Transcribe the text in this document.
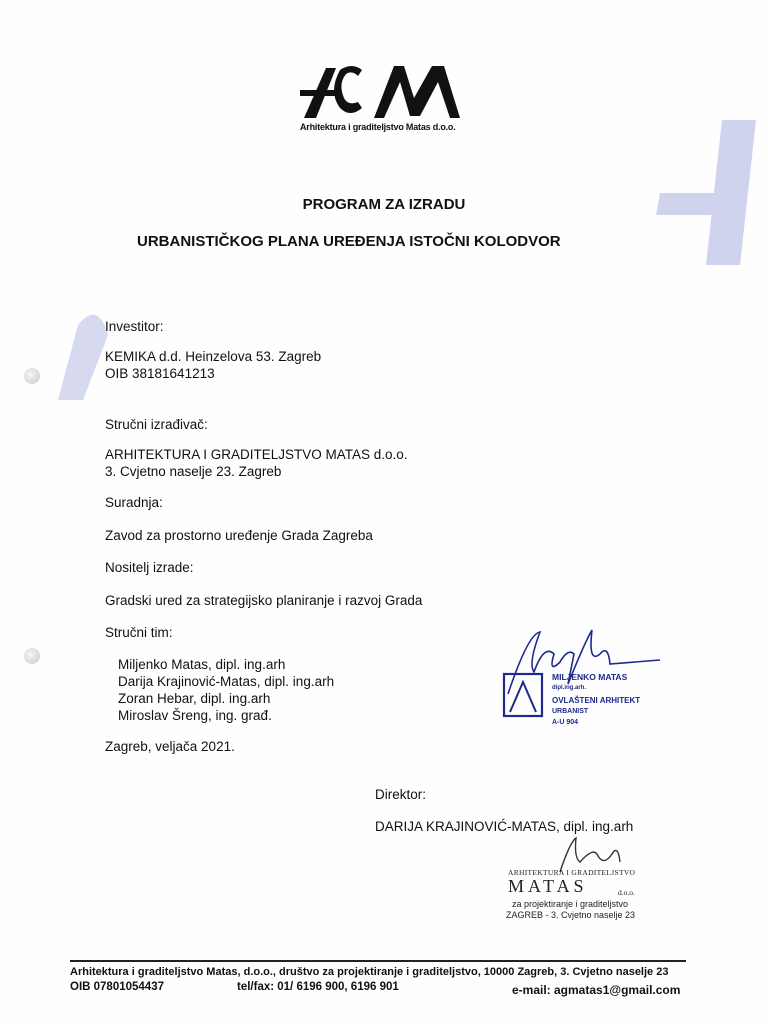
Arhitektura i graditeljstvo Matas d.o.o.
PROGRAM ZA IZRADU
URBANISTIČKOG PLANA UREĐENJA ISTOČNI KOLODVOR
Investitor:
KEMIKA d.d. Heinzelova 53. Zagreb
OIB 38181641213
Stručni izrađivač:
ARHITEKTURA I GRADITELJSTVO MATAS d.o.o.
3. Cvjetno naselje 23. Zagreb
Suradnja:
Zavod za prostorno uređenje Grada Zagreba
Nositelj izrade:
Gradski ured za strategijsko planiranje i razvoj Grada
Stručni tim:
Miljenko Matas, dipl. ing.arh
Darija Krajinović-Matas, dipl. ing.arh
Zoran Hebar, dipl. ing.arh
Miroslav Šreng, ing. građ.
Zagreb, veljača 2021.
MILJENKO MATAS
dipl.ing.arh.
OVLAŠTENI ARHITEKT
URBANIST
A-U 904
Direktor:
DARIJA KRAJINOVIĆ-MATAS, dipl. ing.arh
ARHITEKTURA I GRADITELJSTVO
MATAS	d.o.o.
za projektiranje i graditeljstvo
ZAGREB - 3. Cvjetno naselje 23
Arhitektura i graditeljstvo Matas, d.o.o., društvo za projektiranje i graditeljstvo, 10000 Zagreb, 3. Cvjetno naselje 23
OIB 07801054437	tel/fax: 01/ 6196 900, 6196 901	e-mail: agmatas1@gmail.com
